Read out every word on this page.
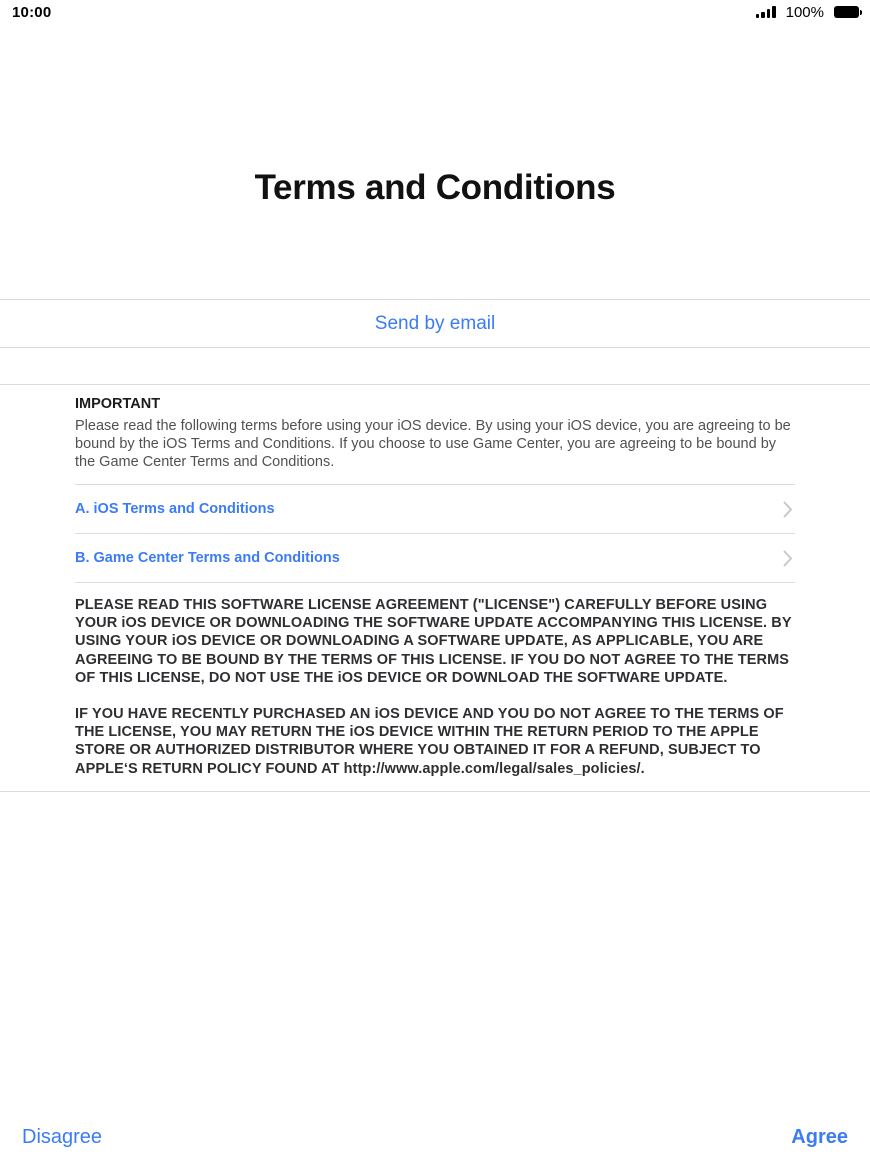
10:00	100%
Terms and Conditions
Send by email
IMPORTANT
Please read the following terms before using your iOS device. By using your iOS device, you are agreeing to be bound by the iOS Terms and Conditions. If you choose to use Game Center, you are agreeing to be bound by the Game Center Terms and Conditions.
A. iOS Terms and Conditions
B. Game Center Terms and Conditions

PLEASE READ THIS SOFTWARE LICENSE AGREEMENT ("LICENSE") CAREFULLY BEFORE USING YOUR iOS DEVICE OR DOWNLOADING THE SOFTWARE UPDATE ACCOMPANYING THIS LICENSE. BY USING YOUR iOS DEVICE OR DOWNLOADING A SOFTWARE UPDATE, AS APPLICABLE, YOU ARE AGREEING TO BE BOUND BY THE TERMS OF THIS LICENSE. IF YOU DO NOT AGREE TO THE TERMS OF THIS LICENSE, DO NOT USE THE iOS DEVICE OR DOWNLOAD THE SOFTWARE UPDATE.

IF YOU HAVE RECENTLY PURCHASED AN iOS DEVICE AND YOU DO NOT AGREE TO THE TERMS OF THE LICENSE, YOU MAY RETURN THE iOS DEVICE WITHIN THE RETURN PERIOD TO THE APPLE STORE OR AUTHORIZED DISTRIBUTOR WHERE YOU OBTAINED IT FOR A REFUND, SUBJECT TO APPLE‘S RETURN POLICY FOUND AT http://www.apple.com/legal/sales_policies/.

Disagree	Agree
